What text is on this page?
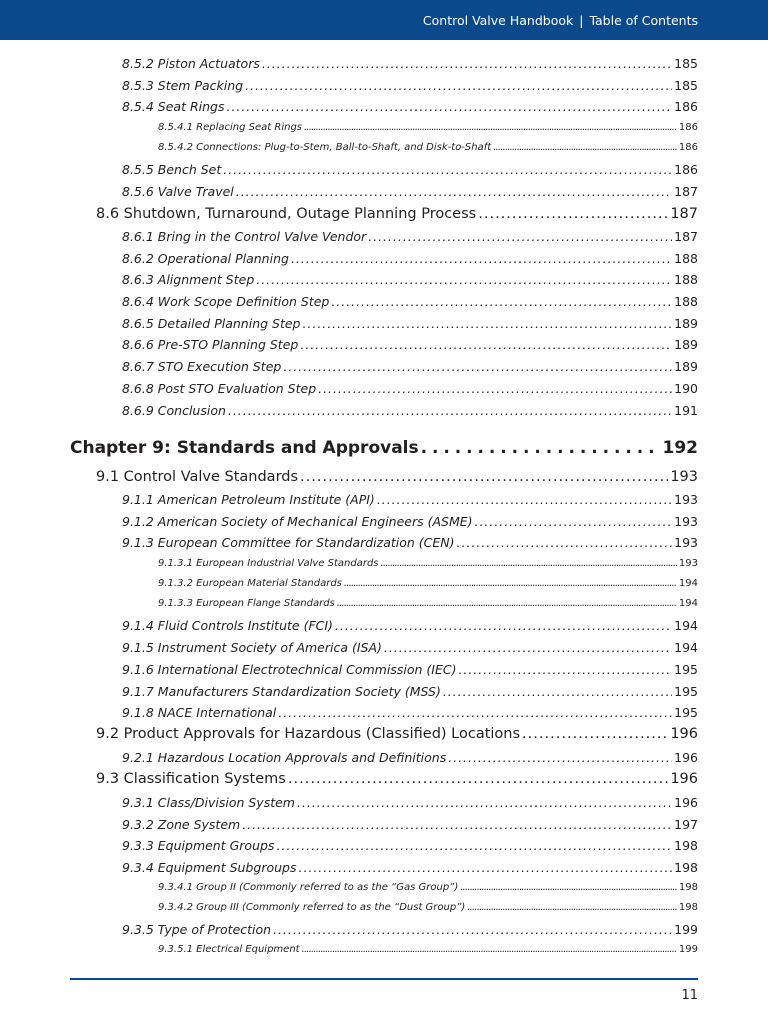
Control Valve Handbook | Table of Contents
8.5.2 Piston Actuators . . .	185
8.5.3 Stem Packing . . .	185
8.5.4 Seat Rings . . .	186
8.5.4.1 Replacing Seat Rings . . .	186
8.5.4.2 Connections: Plug-to-Stem, Ball-to-Shaft, and Disk-to-Shaft . . .	186
8.5.5 Bench Set . . .	186
8.5.6 Valve Travel . . .	187
8.6 Shutdown, Turnaround, Outage Planning Process . . .	187
8.6.1 Bring in the Control Valve Vendor . . .	187
8.6.2 Operational Planning . . .	188
8.6.3 Alignment Step . . .	188
8.6.4 Work Scope Definition Step . . .	188
8.6.5 Detailed Planning Step . . .	189
8.6.6 Pre-STO Planning Step . . .	189
8.6.7 STO Execution Step . . .	189
8.6.8 Post STO Evaluation Step . . .	190
8.6.9 Conclusion . . .	191
Chapter 9: Standards and Approvals . . .	192
9.1 Control Valve Standards . . .	193
9.1.1 American Petroleum Institute (API) . . .	193
9.1.2 American Society of Mechanical Engineers (ASME) . . .	193
9.1.3 European Committee for Standardization (CEN) . . .	193
9.1.3.1 European Industrial Valve Standards . . .	193
9.1.3.2 European Material Standards . . .	194
9.1.3.3 European Flange Standards . . .	194
9.1.4 Fluid Controls Institute (FCI) . . .	194
9.1.5 Instrument Society of America (ISA) . . .	194
9.1.6 International Electrotechnical Commission (IEC) . . .	195
9.1.7 Manufacturers Standardization Society (MSS) . . .	195
9.1.8 NACE International . . .	195
9.2 Product Approvals for Hazardous (Classified) Locations . . .	196
9.2.1 Hazardous Location Approvals and Definitions . . .	196
9.3 Classification Systems . . .	196
9.3.1 Class/Division System . . .	196
9.3.2 Zone System . . .	197
9.3.3 Equipment Groups . . .	198
9.3.4 Equipment Subgroups . . .	198
9.3.4.1 Group II (Commonly referred to as the “Gas Group”) . . .	198
9.3.4.2 Group III (Commonly referred to as the “Dust Group”) . . .	198
9.3.5 Type of Protection . . .	199
9.3.5.1 Electrical Equipment . . .	199
11
